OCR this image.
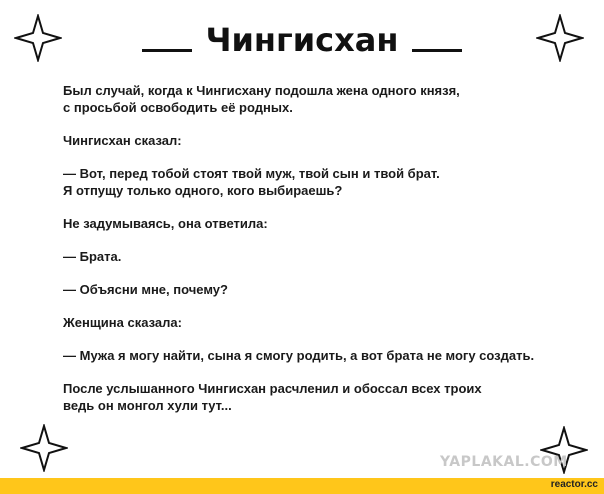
Чингисхан

Был случай, когда к Чингисхану подошла жена одного князя,
с просьбой освободить её родных.

Чингисхан сказал:

— Вот, перед тобой стоят твой муж, твой сын и твой брат.
Я отпущу только одного, кого выбираешь?

Не задумываясь, она ответила:

— Брата.

— Объясни мне, почему?

Женщина сказала:

— Мужа я могу найти, сына я смогу родить, а вот брата не могу создать.

После услышанного Чингисхан расчленил и обоссал всех троих
ведь он монгол хули тут...

YAPLAKAL.COM
reactor.cc
